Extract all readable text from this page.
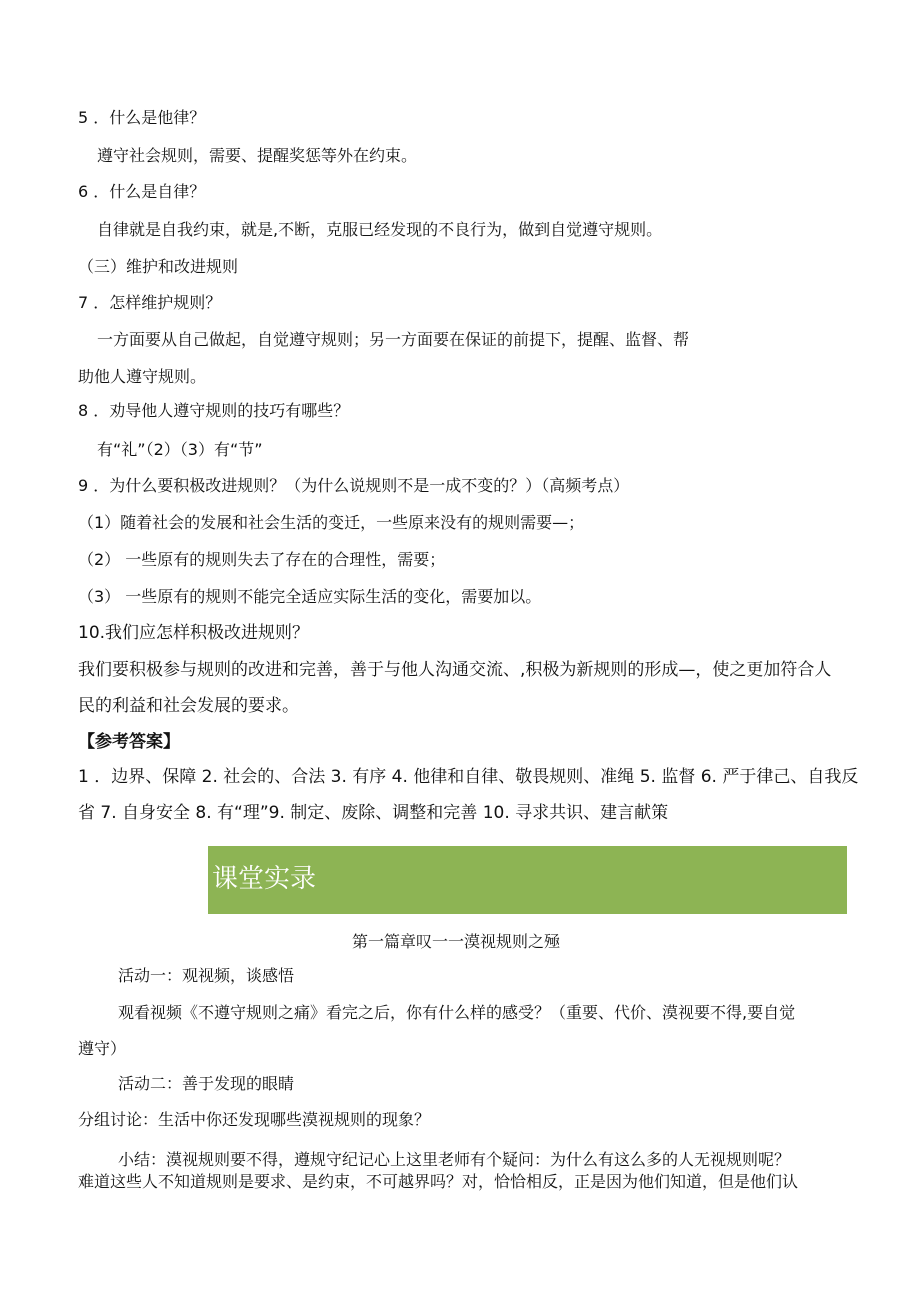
5 ．什么是他律？
遵守社会规则，需要、提醒奖惩等外在约束。
6 ．什么是自律？
自律就是自我约束，就是,不断，克服已经发现的不良行为，做到自觉遵守规则。
（三）维护和改进规则
7 ．怎样维护规则？
一方面要从自己做起，自觉遵守规则；另一方面要在保证的前提下，提醒、监督、帮
助他人遵守规则。
8 ．劝导他人遵守规则的技巧有哪些？
有“礼”（2）（3）有“节”
9 ．为什么要积极改进规则？（为什么说规则不是一成不变的？）（高频考点）
（1）随着社会的发展和社会生活的变迁，一些原来没有的规则需要—；
（2） 一些原有的规则失去了存在的合理性，需要；
（3） 一些原有的规则不能完全适应实际生活的变化，需要加以。
10.我们应怎样积极改进规则？
我们要积极参与规则的改进和完善，善于与他人沟通交流、,积极为新规则的形成—，使之更加符合人
民的利益和社会发展的要求。
【参考答案】
1 ．边界、保障 2. 社会的、合法 3. 有序 4. 他律和自律、敬畏规则、准绳 5. 监督 6. 严于律己、自我反
省 7. 自身安全 8. 有“理”9. 制定、废除、调整和完善 10. 寻求共识、建言献策
课堂实录
第一篇章叹一一漠视规则之殛
活动一：观视频，谈感悟
观看视频《不遵守规则之痛》看完之后，你有什么样的感受？（重要、代价、漠视要不得,要自觉
遵守）
活动二：善于发现的眼睛
分组讨论：生活中你还发现哪些漠视规则的现象？
小结：漠视规则要不得，遵规守纪记心上这里老师有个疑问：为什么有这么多的人无视规则呢？
难道这些人不知道规则是要求、是约束，不可越界吗？对，恰恰相反，正是因为他们知道，但是他们认
